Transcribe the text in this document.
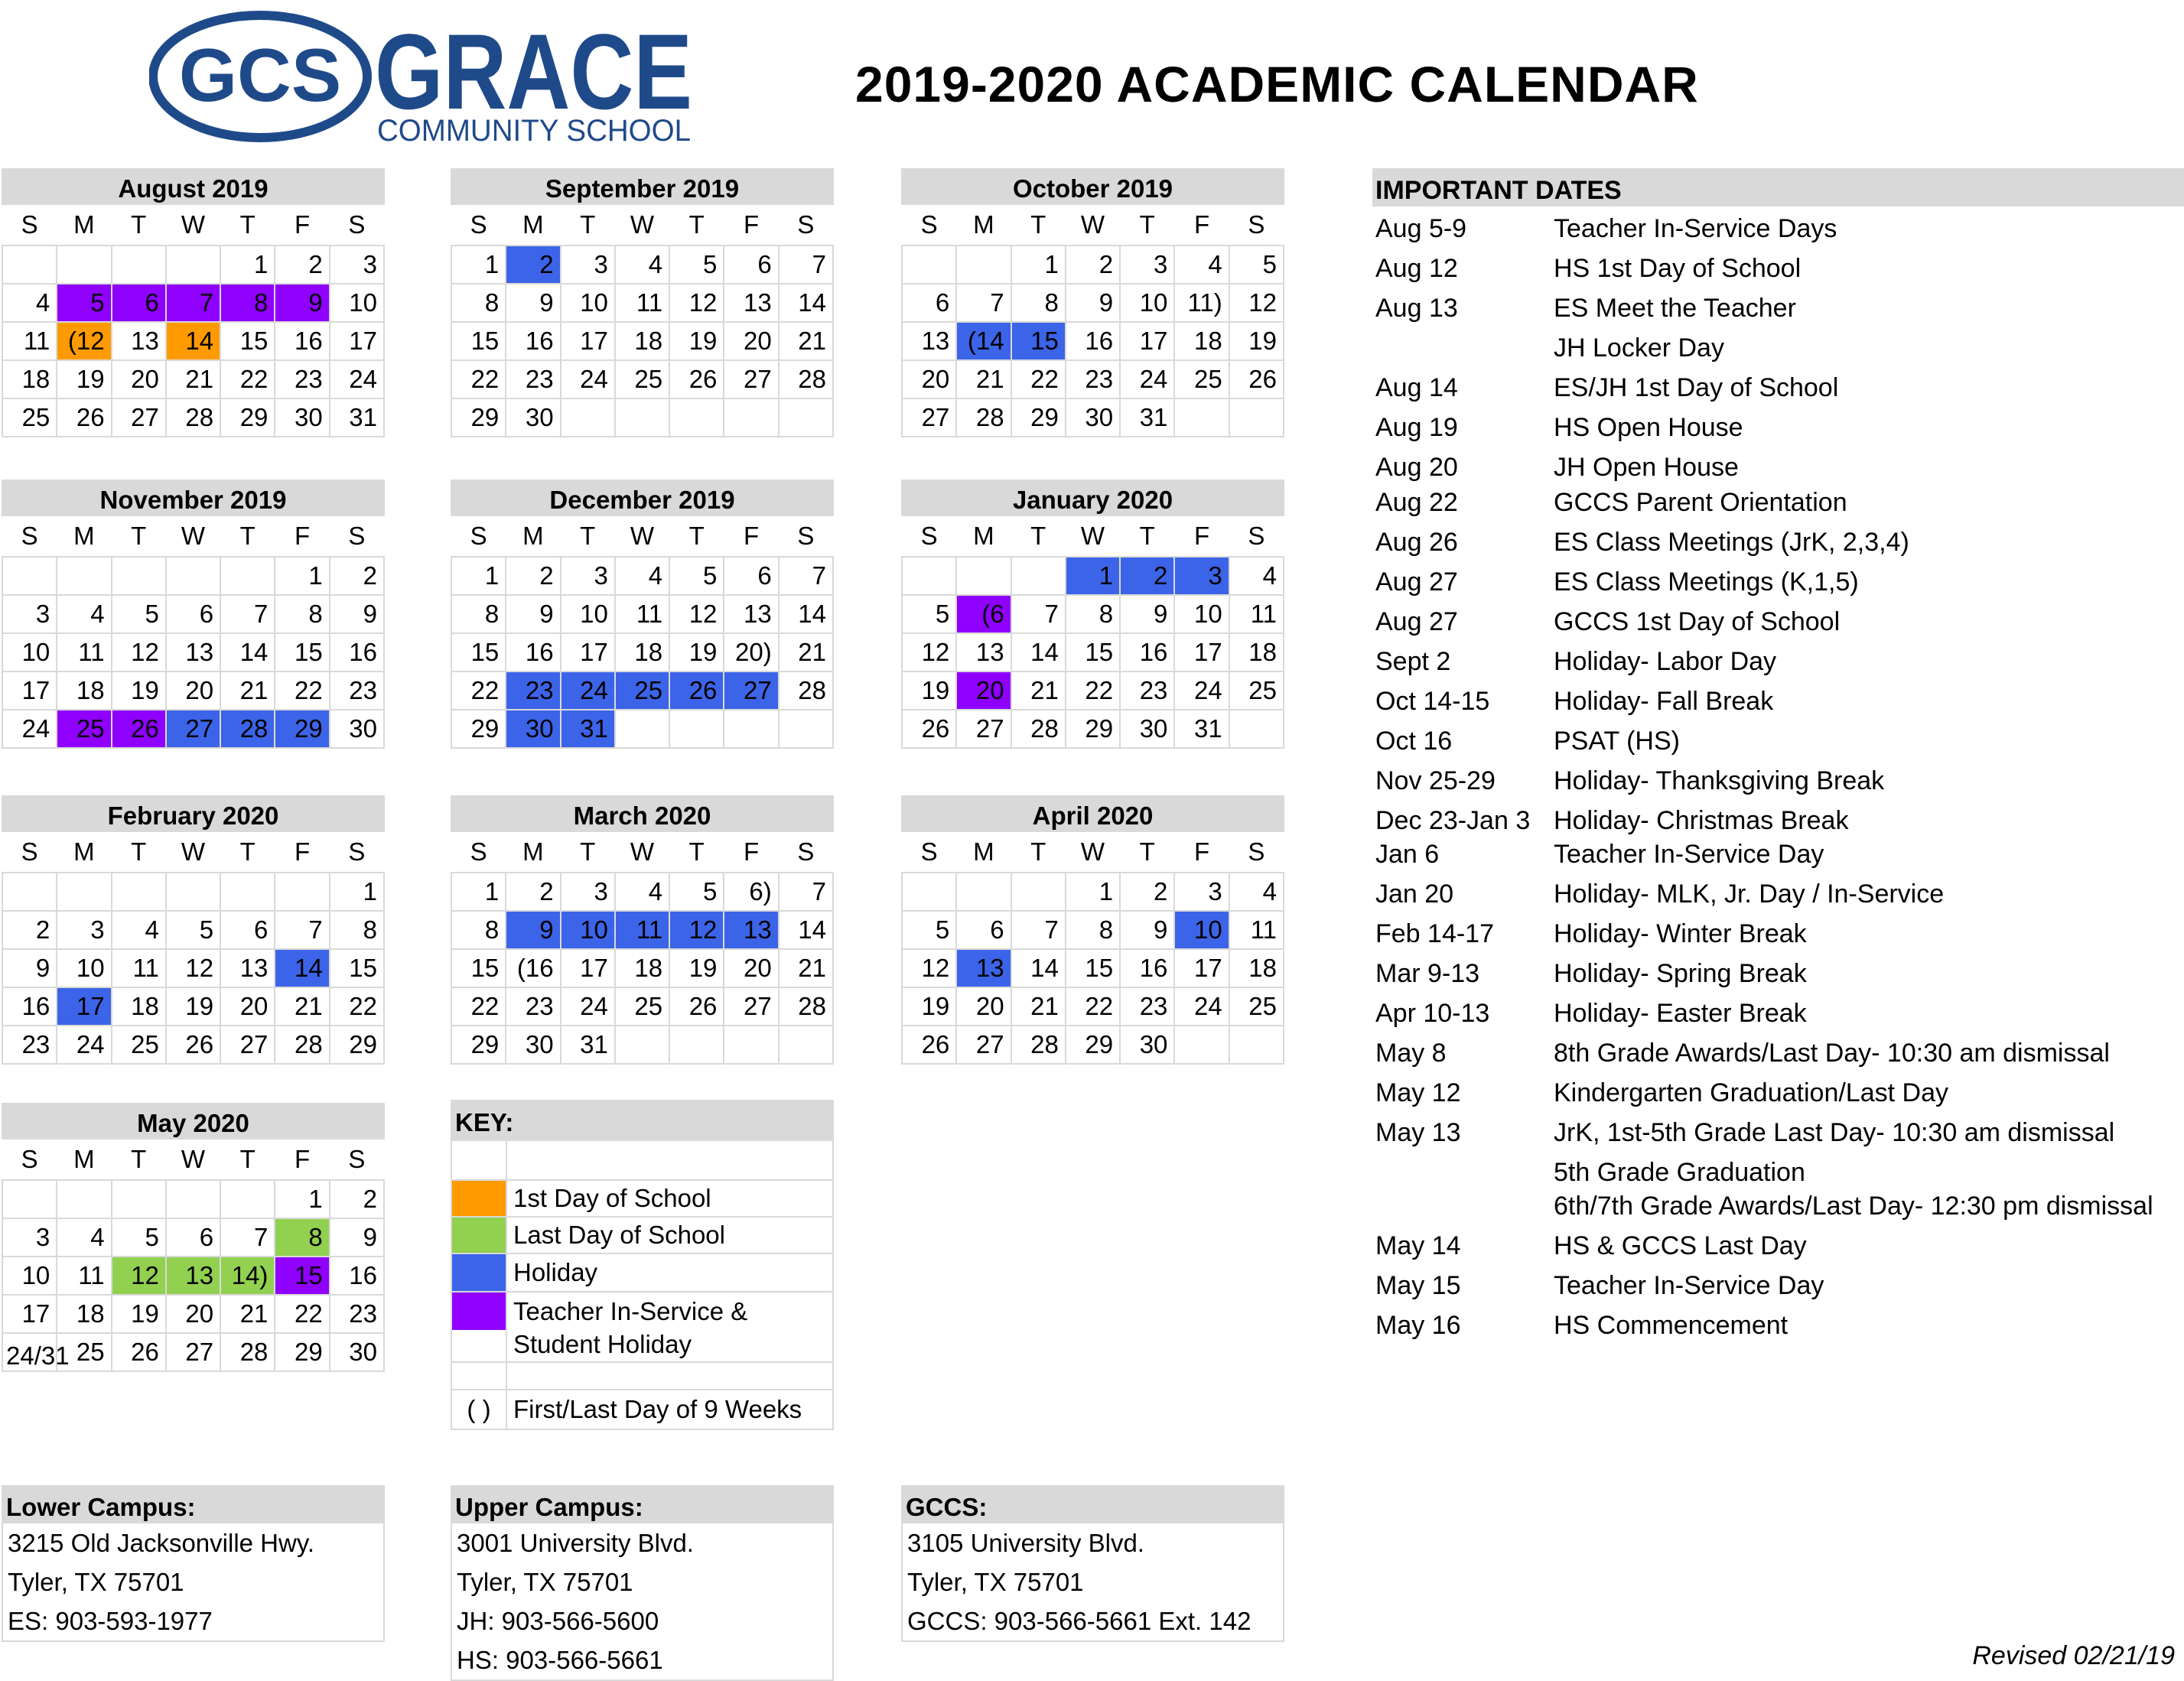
GCS GRACE
COMMUNITY SCHOOL
2019-2020 ACADEMIC CALENDAR
August 2019
S	M	T	W	T	F	S
				1	2	3
4	5	6	7	8	9	10
11	(12	13	14	15	16	17
18	19	20	21	22	23	24
25	26	27	28	29	30	31
September 2019
S	M	T	W	T	F	S
1	2	3	4	5	6	7
8	9	10	11	12	13	14
15	16	17	18	19	20	21
22	23	24	25	26	27	28
29	30					
October 2019
S	M	T	W	T	F	S
		1	2	3	4	5
6	7	8	9	10	11)	12
13	(14	15	16	17	18	19
20	21	22	23	24	25	26
27	28	29	30	31		
November 2019
S	M	T	W	T	F	S
					1	2
3	4	5	6	7	8	9
10	11	12	13	14	15	16
17	18	19	20	21	22	23
24	25	26	27	28	29	30
December 2019
S	M	T	W	T	F	S
1	2	3	4	5	6	7
8	9	10	11	12	13	14
15	16	17	18	19	20)	21
22	23	24	25	26	27	28
29	30	31				
January 2020
S	M	T	W	T	F	S
			1	2	3	4
5	(6	7	8	9	10	11
12	13	14	15	16	17	18
19	20	21	22	23	24	25
26	27	28	29	30	31	
February 2020
S	M	T	W	T	F	S
						1
2	3	4	5	6	7	8
9	10	11	12	13	14	15
16	17	18	19	20	21	22
23	24	25	26	27	28	29
March 2020
S	M	T	W	T	F	S
1	2	3	4	5	6)	7
8	9	10	11	12	13	14
15	(16	17	18	19	20	21
22	23	24	25	26	27	28
29	30	31				
April 2020
S	M	T	W	T	F	S
			1	2	3	4
5	6	7	8	9	10	11
12	13	14	15	16	17	18
19	20	21	22	23	24	25
26	27	28	29	30		
May 2020
S	M	T	W	T	F	S
					1	2
3	4	5	6	7	8	9
10	11	12	13	14)	15	16
17	18	19	20	21	22	23
24/31	25	26	27	28	29	30
IMPORTANT DATES
Aug 5-9	Teacher In-Service Days
Aug 12	HS 1st Day of School
Aug 13	ES Meet the Teacher
JH Locker Day
Aug 14	ES/JH 1st Day of School
Aug 19	HS Open House
Aug 20	JH Open House
Aug 22	GCCS Parent Orientation
Aug 26	ES Class Meetings (JrK, 2,3,4)
Aug 27	ES Class Meetings (K,1,5)
Aug 27	GCCS 1st Day of School
Sept 2	Holiday- Labor Day
Oct 14-15 Holiday- Fall Break
Oct 16	PSAT (HS)
Nov 25-29 Holiday- Thanksgiving Break
Dec 23-Jan 3 Holiday- Christmas Break
Jan 6	Teacher In-Service Day
Jan 20	Holiday- MLK, Jr. Day / In-Service
Feb 14-17 Holiday- Winter Break
Mar 9-13	Holiday- Spring Break
Apr 10-13 Holiday- Easter Break
May 8	8th Grade Awards/Last Day- 10:30 am dismissal
May 12	Kindergarten Graduation/Last Day
May 13	JrK, 1st-5th Grade Last Day- 10:30 am dismissal
5th Grade Graduation
6th/7th Grade Awards/Last Day- 12:30 pm dismissal
May 14	HS & GCCS Last Day
May 15	Teacher In-Service Day
May 16	HS Commencement
KEY:

	1st Day of School
	Last Day of School
	Holiday
	Teacher In-Service &
	Student Holiday

( )	First/Last Day of 9 Weeks
Lower Campus:
3215 Old Jacksonville Hwy.
Tyler, TX 75701
ES: 903-593-1977
Upper Campus:
3001 University Blvd.
Tyler, TX 75701
JH: 903-566-5600
HS: 903-566-5661
GCCS:
3105 University Blvd.
Tyler, TX 75701
GCCS: 903-566-5661 Ext. 142
Revised 02/21/19
